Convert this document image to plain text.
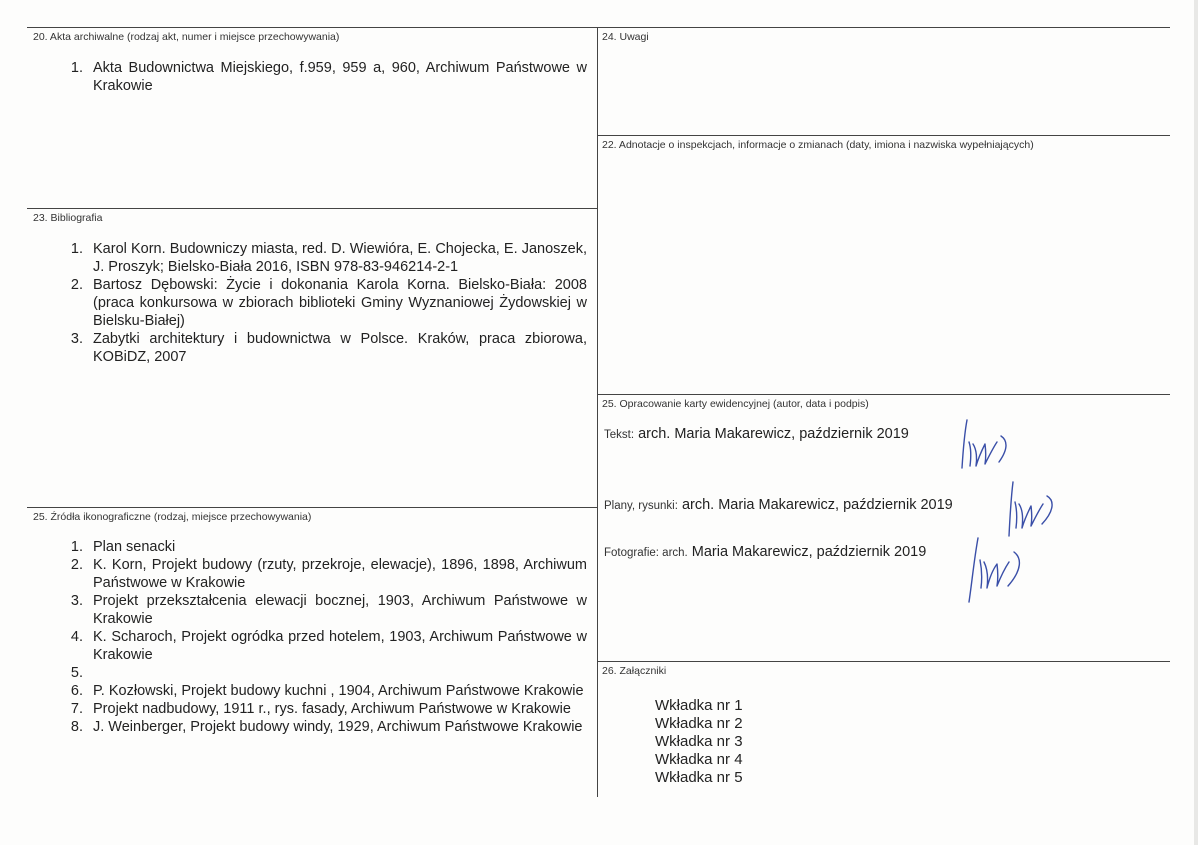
20. Akta archiwalne (rodzaj akt, numer i miejsce przechowywania)
1. Akta Budownictwa Miejskiego, f.959, 959 a, 960, Archiwum Państwowe w Krakowie
24. Uwagi
22. Adnotacje o inspekcjach, informacje o zmianach (daty, imiona i nazwiska wypełniających)
23. Bibliografia
1. Karol Korn. Budowniczy miasta, red. D. Wiewióra, E. Chojecka, E. Janoszek, J. Proszyk; Bielsko-Biała 2016, ISBN 978-83-946214-2-1
2. Bartosz Dębowski: Życie i dokonania Karola Korna. Bielsko-Biała: 2008 (praca konkursowa w zbiorach biblioteki Gminy Wyznaniowej Żydowskiej w Bielsku-Białej)
3. Zabytki architektury i budownictwa w Polsce. Kraków, praca zbiorowa, KOBiDZ, 2007
25. Opracowanie karty ewidencyjnej (autor, data i podpis)
Tekst: arch. Maria Makarewicz, październik 2019
Plany, rysunki: arch. Maria Makarewicz, październik 2019
Fotografie: arch. Maria Makarewicz, październik 2019
25. Źródła ikonograficzne (rodzaj, miejsce przechowywania)
1. Plan senacki
2. K. Korn, Projekt budowy (rzuty, przekroje, elewacje), 1896, 1898, Archiwum Państwowe w Krakowie
3. Projekt przekształcenia elewacji bocznej, 1903, Archiwum Państwowe w Krakowie
4. K. Scharoch, Projekt ogródka przed hotelem, 1903, Archiwum Państwowe w Krakowie
5.
6. P. Kozłowski, Projekt budowy kuchni , 1904, Archiwum Państwowe Krakowie
7. Projekt nadbudowy, 1911 r., rys. fasady, Archiwum Państwowe w Krakowie
8. J. Weinberger, Projekt budowy windy, 1929, Archiwum Państwowe Krakowie
26. Załączniki
Wkładka nr 1
Wkładka nr 2
Wkładka nr 3
Wkładka nr 4
Wkładka nr 5
